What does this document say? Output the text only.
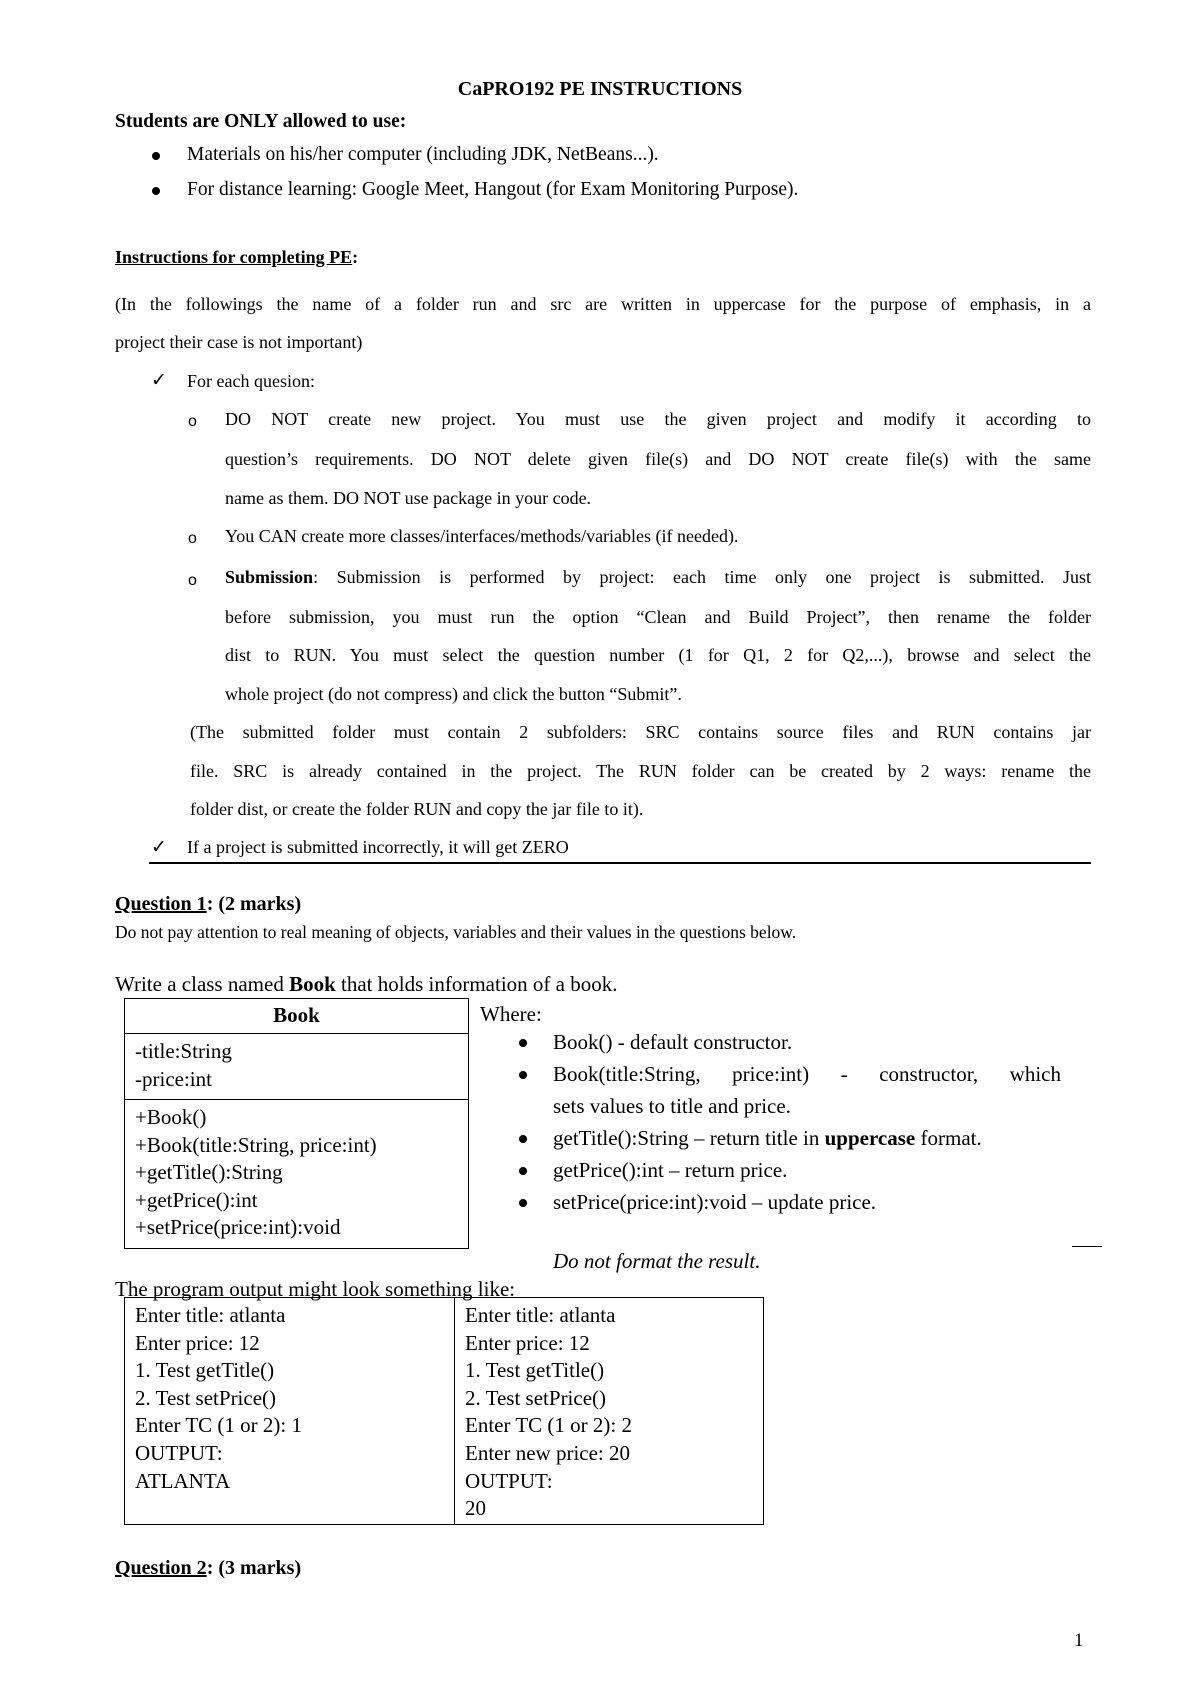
CaPRO192 PE INSTRUCTIONS
Students are ONLY allowed to use:
Materials on his/her computer (including JDK, NetBeans...).
For distance learning: Google Meet, Hangout (for Exam Monitoring Purpose).
Instructions for completing PE:
(In the followings the name of a folder run and src are written in uppercase for the purpose of emphasis, in a
project their case is not important)
✓ For each quesion:
o DO NOT create new project. You must use the given project and modify it according to
question’s requirements. DO NOT delete given file(s) and DO NOT create file(s) with the same
name as them. DO NOT use package in your code.
o You CAN create more classes/interfaces/methods/variables (if needed).
o Submission: Submission is performed by project: each time only one project is submitted. Just
before submission, you must run the option “Clean and Build Project”, then rename the folder
dist to RUN. You must select the question number (1 for Q1, 2 for Q2,...), browse and select the
whole project (do not compress) and click the button “Submit”.
(The submitted folder must contain 2 subfolders: SRC contains source files and RUN contains jar
file. SRC is already contained in the project. The RUN folder can be created by 2 ways: rename the
folder dist, or create the folder RUN and copy the jar file to it).
✓ If a project is submitted incorrectly, it will get ZERO
Question 1: (2 marks)
Do not pay attention to real meaning of objects, variables and their values in the questions below.
Write a class named Book that holds information of a book.
Book
-title:String
-price:int
+Book()
+Book(title:String, price:int)
+getTitle():String
+getPrice():int
+setPrice(price:int):void
Where:
Book() - default constructor.
Book(title:String, price:int) - constructor, which
sets values to title and price.
getTitle():String – return title in uppercase format.
getPrice():int – return price.
setPrice(price:int):void – update price.
Do not format the result.
The program output might look something like:
Enter title: atlanta
Enter price: 12
1. Test getTitle()
2. Test setPrice()
Enter TC (1 or 2): 1
OUTPUT:
ATLANTA
Enter title: atlanta
Enter price: 12
1. Test getTitle()
2. Test setPrice()
Enter TC (1 or 2): 2
Enter new price: 20
OUTPUT:
20
Question 2: (3 marks)
1
